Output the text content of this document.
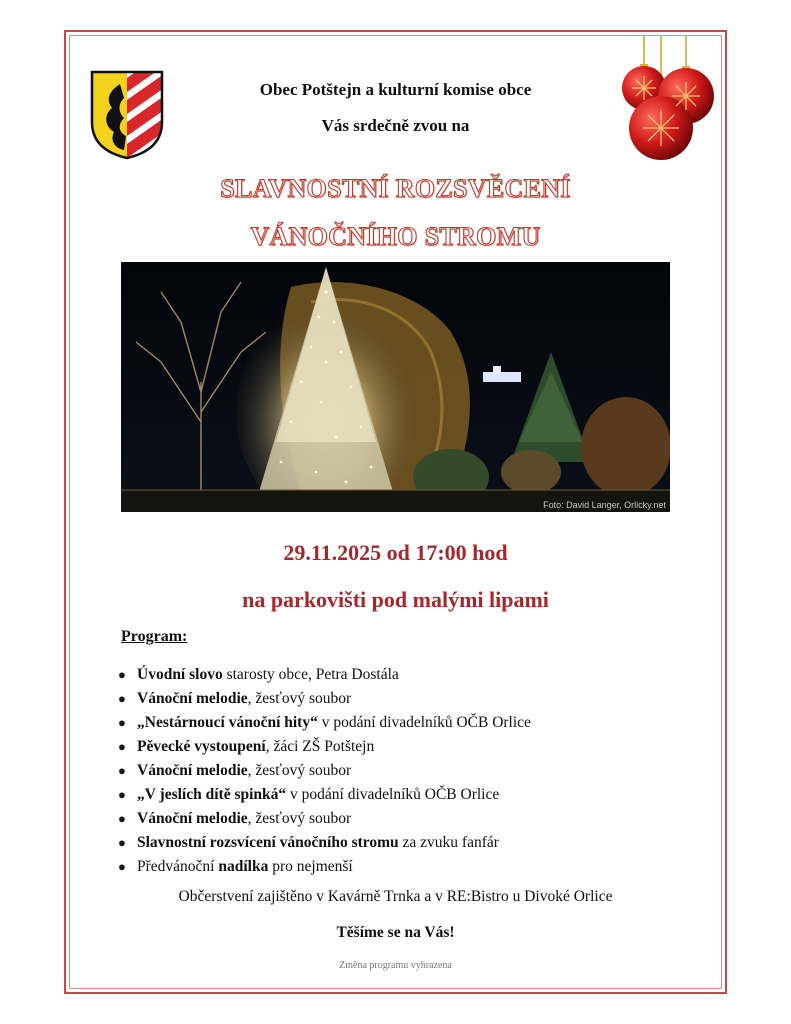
Obec Potštejn a kulturní komise obce
Vás srdečně zvou na
SLAVNOSTNÍ ROZSVĚCENÍ
VÁNOČNÍHO STROMU
Foto: David Langer, Orlicky.net
29.11.2025 od 17:00 hod
na parkovišti pod malými lipami
Program:
● Úvodní slovo starosty obce, Petra Dostála
● Vánoční melodie, žesťový soubor
● „Nestárnoucí vánoční hity“ v podání divadelníků OČB Orlice
● Pěvecké vystoupení, žáci ZŠ Potštejn
● Vánoční melodie, žesťový soubor
● „V jeslích dítě spinká“ v podání divadelníků OČB Orlice
● Vánoční melodie, žesťový soubor
● Slavnostní rozsvícení vánočního stromu za zvuku fanfár
● Předvánoční nadílka pro nejmenší
Občerstvení zajištěno v Kavárně Trnka a v RE:Bistro u Divoké Orlice
Těšíme se na Vás!
Změna programu vyhrazena
